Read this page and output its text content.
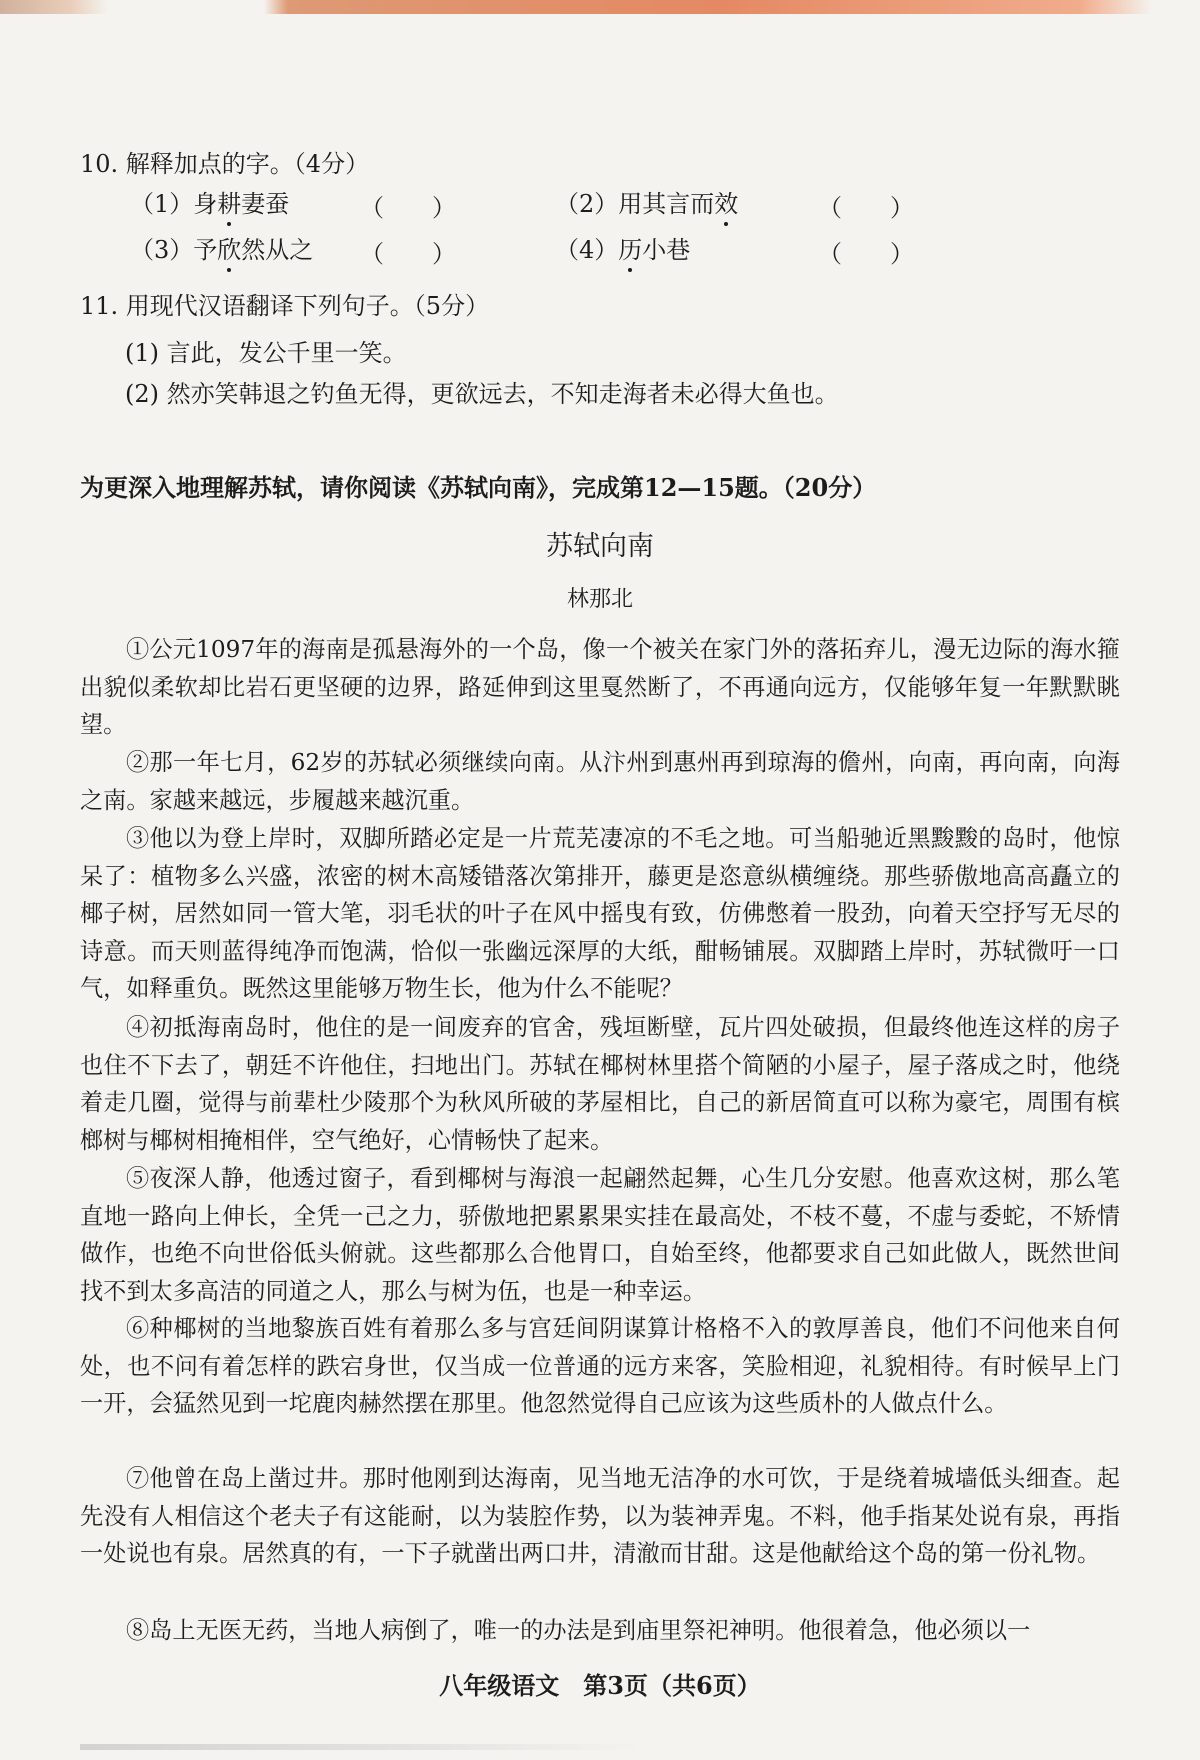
10. 解释加点的字。（4分）
（1）身耕妻蚕	（　　）	（2）用其言而效	（　　）
（3）予欣然从之 （　　）	（4）历小巷	（　　）
11. 用现代汉语翻译下列句子。（5分）
(1) 言此，发公千里一笑。
(2) 然亦笑韩退之钓鱼无得，更欲远去，不知走海者未必得大鱼也。
为更深入地理解苏轼，请你阅读《苏轼向南》，完成第12—15题。（20分）
苏轼向南
林那北
①公元1097年的海南是孤悬海外的一个岛，像一个被关在家门外的落拓弃儿，漫无边际的海水箍出貌似柔软却比岩石更坚硬的边界，路延伸到这里戛然断了，不再通向远方，仅能够年复一年默默眺望。
②那一年七月，62岁的苏轼必须继续向南。从汴州到惠州再到琼海的儋州，向南，再向南，向海之南。家越来越远，步履越来越沉重。
③他以为登上岸时，双脚所踏必定是一片荒芜凄凉的不毛之地。可当船驰近黑黢黢的岛时，他惊呆了：植物多么兴盛，浓密的树木高矮错落次第排开，藤更是恣意纵横缠绕。那些骄傲地高高矗立的椰子树，居然如同一管大笔，羽毛状的叶子在风中摇曳有致，仿佛憋着一股劲，向着天空抒写无尽的诗意。而天则蓝得纯净而饱满，恰似一张幽远深厚的大纸，酣畅铺展。双脚踏上岸时，苏轼微吁一口气，如释重负。既然这里能够万物生长，他为什么不能呢？
④初抵海南岛时，他住的是一间废弃的官舍，残垣断壁，瓦片四处破损，但最终他连这样的房子也住不下去了，朝廷不许他住，扫地出门。苏轼在椰树林里搭个简陋的小屋子，屋子落成之时，他绕着走几圈，觉得与前辈杜少陵那个为秋风所破的茅屋相比，自己的新居简直可以称为豪宅，周围有槟榔树与椰树相掩相伴，空气绝好，心情畅快了起来。
⑤夜深人静，他透过窗子，看到椰树与海浪一起翩然起舞，心生几分安慰。他喜欢这树，那么笔直地一路向上伸长，全凭一己之力，骄傲地把累累果实挂在最高处，不枝不蔓，不虚与委蛇，不矫情做作，也绝不向世俗低头俯就。这些都那么合他胃口，自始至终，他都要求自己如此做人，既然世间找不到太多高洁的同道之人，那么与树为伍，也是一种幸运。
⑥种椰树的当地黎族百姓有着那么多与宫廷间阴谋算计格格不入的敦厚善良，他们不问他来自何处，也不问有着怎样的跌宕身世，仅当成一位普通的远方来客，笑脸相迎，礼貌相待。有时候早上门一开，会猛然见到一坨鹿肉赫然摆在那里。他忽然觉得自己应该为这些质朴的人做点什么。
⑦他曾在岛上凿过井。那时他刚到达海南，见当地无洁净的水可饮，于是绕着城墙低头细查。起先没有人相信这个老夫子有这能耐，以为装腔作势，以为装神弄鬼。不料，他手指某处说有泉，再指一处说也有泉。居然真的有，一下子就凿出两口井，清澈而甘甜。这是他献给这个岛的第一份礼物。
⑧岛上无医无药，当地人病倒了，唯一的办法是到庙里祭祀神明。他很着急，他必须以一
八年级语文　第3页（共6页）
